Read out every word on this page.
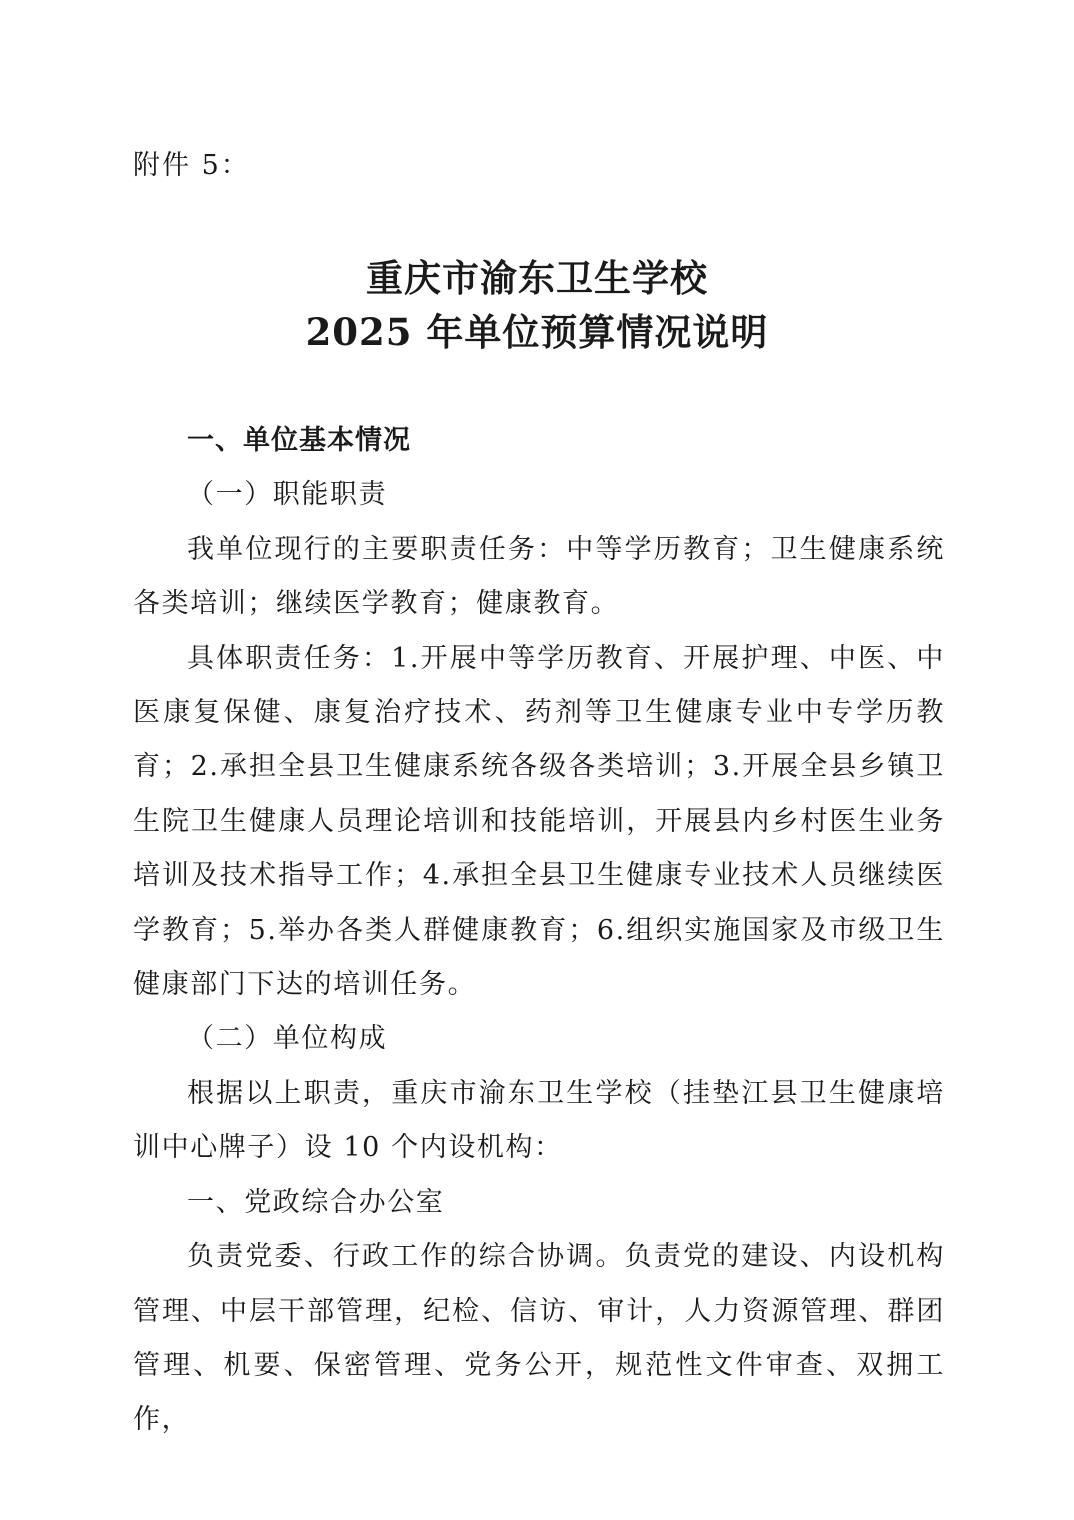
附件 5：
重庆市渝东卫生学校
2025 年单位预算情况说明

一、单位基本情况

（一）职能职责

我单位现行的主要职责任务：中等学历教育；卫生健康系统各类培训；继续医学教育；健康教育。

具体职责任务：1.开展中等学历教育、开展护理、中医、中医康复保健、康复治疗技术、药剂等卫生健康专业中专学历教育；2.承担全县卫生健康系统各级各类培训；3.开展全县乡镇卫生院卫生健康人员理论培训和技能培训，开展县内乡村医生业务培训及技术指导工作；4.承担全县卫生健康专业技术人员继续医学教育；5.举办各类人群健康教育；6.组织实施国家及市级卫生健康部门下达的培训任务。

（二）单位构成

根据以上职责，重庆市渝东卫生学校（挂垫江县卫生健康培训中心牌子）设 10 个内设机构：

一、党政综合办公室

负责党委、行政工作的综合协调。负责党的建设、内设机构管理、中层干部管理，纪检、信访、审计，人力资源管理、群团管理、机要、保密管理、党务公开，规范性文件审查、双拥工作，
